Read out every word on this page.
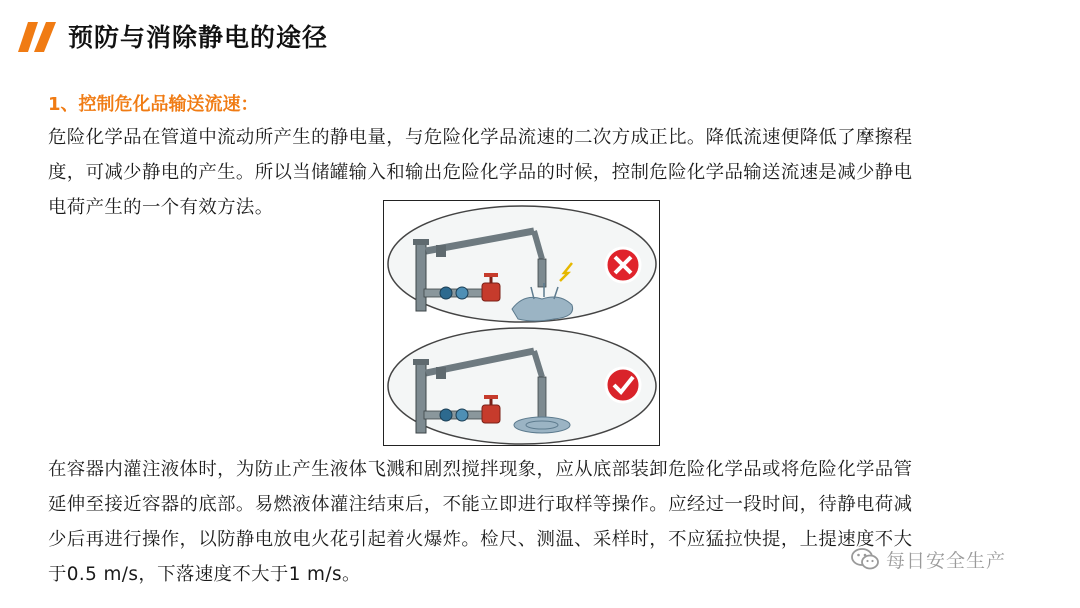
预防与消除静电的途径
1、控制危化品输送流速：
危险化学品在管道中流动所产生的静电量，与危险化学品流速的二次方成正比。降低流速便降低了摩擦程
度，可减少静电的产生。所以当储罐输入和输出危险化学品的时候，控制危险化学品输送流速是减少静电
电荷产生的一个有效方法。
在容器内灌注液体时，为防止产生液体飞溅和剧烈搅拌现象，应从底部装卸危险化学品或将危险化学品管
延伸至接近容器的底部。易燃液体灌注结束后，不能立即进行取样等操作。应经过一段时间，待静电荷减
少后再进行操作，以防静电放电火花引起着火爆炸。检尺、测温、采样时，不应猛拉快提，上提速度不大
于0.5 m/s，下落速度不大于1 m/s。
每日安全生产
